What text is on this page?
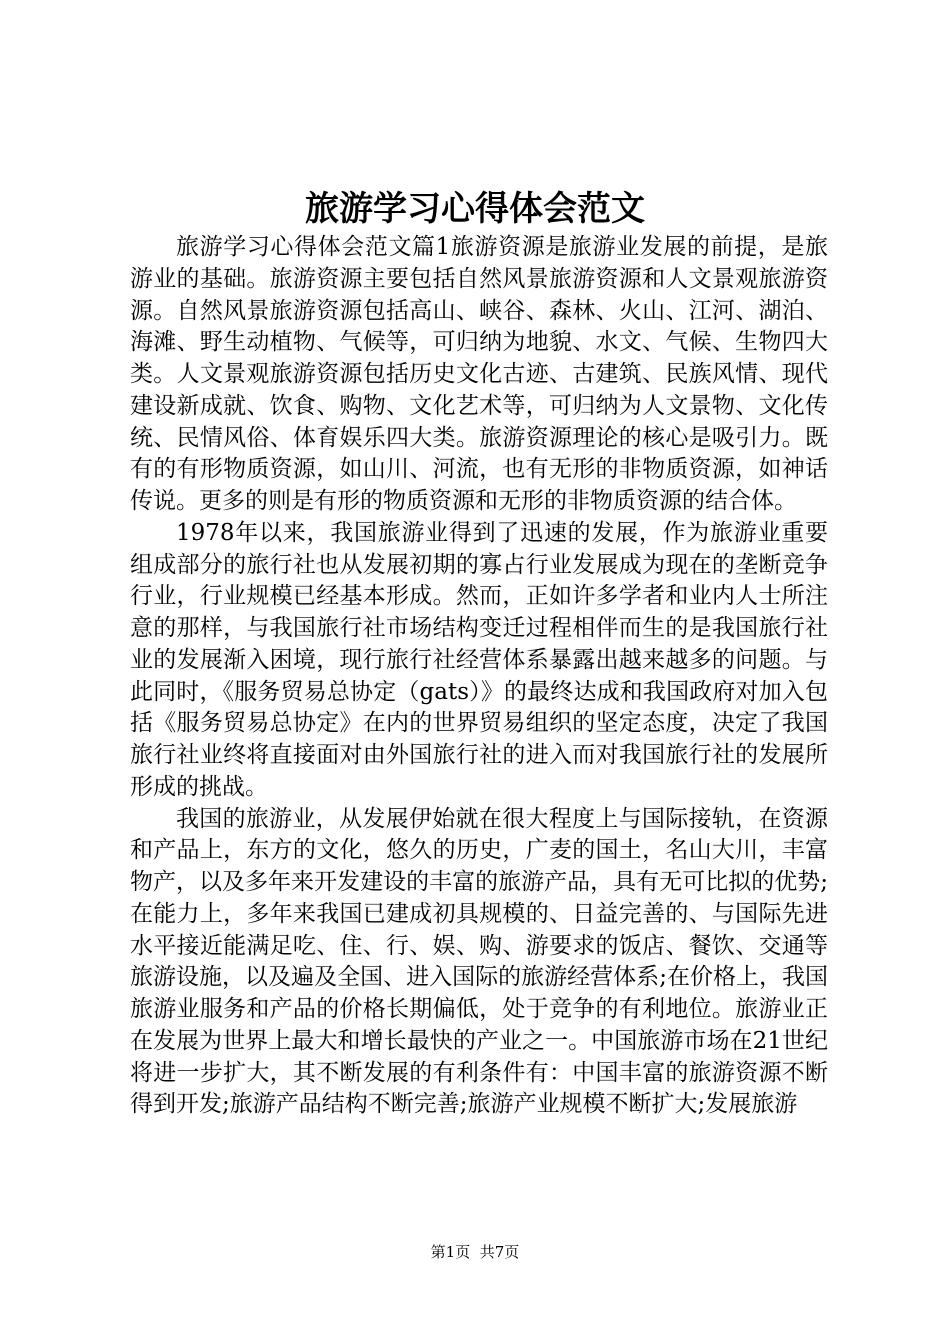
旅游学习心得体会范文

旅游学习心得体会范文篇1旅游资源是旅游业发展的前提，是旅游业的基础。旅游资源主要包括自然风景旅游资源和人文景观旅游资源。自然风景旅游资源包括高山、峡谷、森林、火山、江河、湖泊、海滩、野生动植物、气候等，可归纳为地貌、水文、气候、生物四大类。人文景观旅游资源包括历史文化古迹、古建筑、民族风情、现代建设新成就、饮食、购物、文化艺术等，可归纳为人文景物、文化传统、民情风俗、体育娱乐四大类。旅游资源理论的核心是吸引力。既有的有形物质资源，如山川、河流，也有无形的非物质资源，如神话传说。更多的则是有形的物质资源和无形的非物质资源的结合体。

1978年以来，我国旅游业得到了迅速的发展，作为旅游业重要组成部分的旅行社也从发展初期的寡占行业发展成为现在的垄断竞争行业，行业规模已经基本形成。然而，正如许多学者和业内人士所注意的那样，与我国旅行社市场结构变迁过程相伴而生的是我国旅行社业的发展渐入困境，现行旅行社经营体系暴露出越来越多的问题。与此同时，《服务贸易总协定（gats）》的最终达成和我国政府对加入包括《服务贸易总协定》在内的世界贸易组织的坚定态度，决定了我国旅行社业终将直接面对由外国旅行社的进入而对我国旅行社的发展所形成的挑战。

我国的旅游业，从发展伊始就在很大程度上与国际接轨，在资源和产品上，东方的文化，悠久的历史，广麦的国土，名山大川，丰富物产，以及多年来开发建设的丰富的旅游产品，具有无可比拟的优势;在能力上，多年来我国已建成初具规模的、日益完善的、与国际先进水平接近能满足吃、住、行、娱、购、游要求的饭店、餐饮、交通等旅游设施，以及遍及全国、进入国际的旅游经营体系;在价格上，我国旅游业服务和产品的价格长期偏低，处于竞争的有利地位。旅游业正在发展为世界上最大和增长最快的产业之一。中国旅游市场在21世纪将进一步扩大，其不断发展的有利条件有：中国丰富的旅游资源不断得到开发;旅游产品结构不断完善;旅游产业规模不断扩大;发展旅游

第1页 共7页
